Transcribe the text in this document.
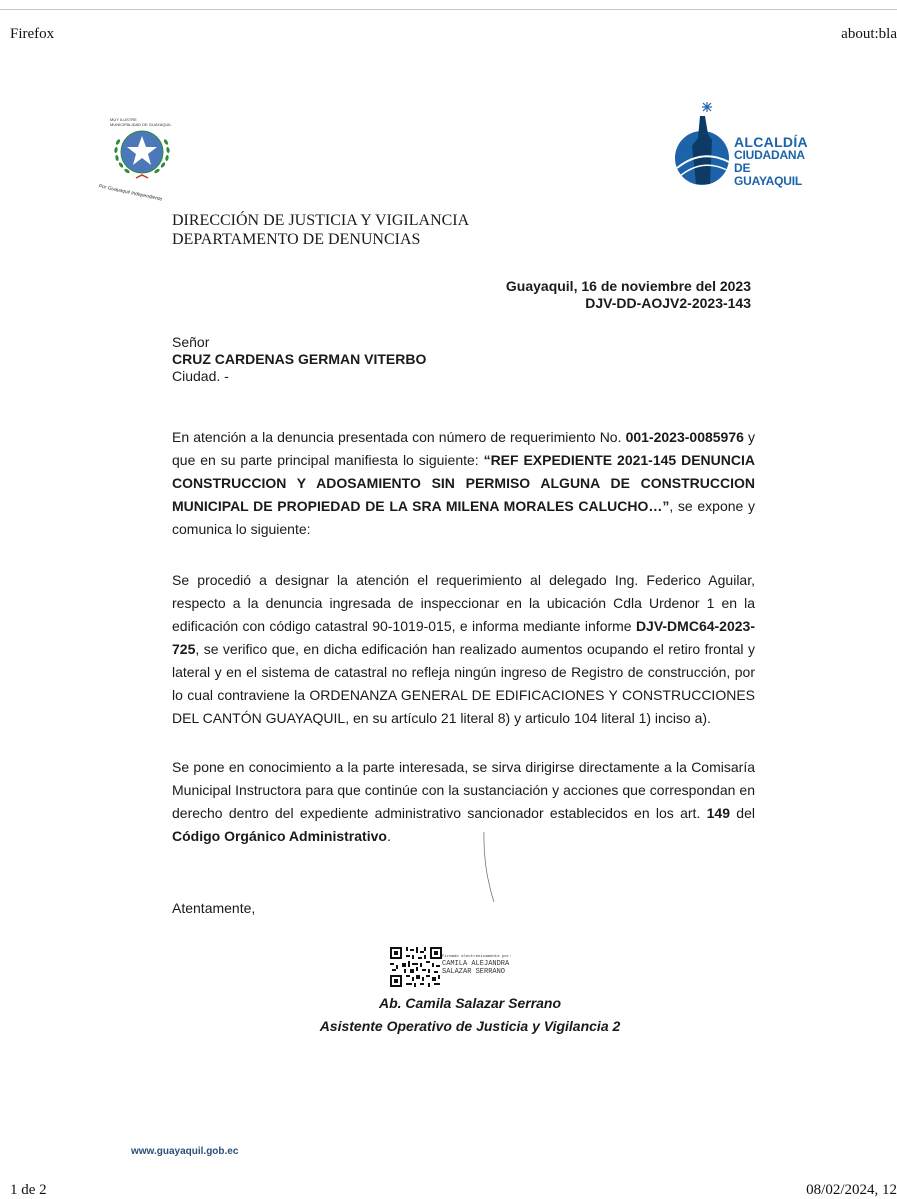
Firefox	about:bla
MUY ILUSTRE
MUNICIPALIDAD DE GUAYAQUIL
Por Guayaquil Independiente
ALCALDÍA
CIUDADANA
DE GUAYAQUIL
DIRECCIÓN DE JUSTICIA Y VIGILANCIA
DEPARTAMENTO DE DENUNCIAS
Guayaquil, 16 de noviembre del 2023
DJV-DD-AOJV2-2023-143
Señor
CRUZ CARDENAS GERMAN VITERBO
Ciudad. -
En atención a la denuncia presentada con número de requerimiento No. 001-2023-0085976 y que en su parte principal manifiesta lo siguiente: “REF EXPEDIENTE 2021-145 DENUNCIA CONSTRUCCION Y ADOSAMIENTO SIN PERMISO ALGUNA DE CONSTRUCCION MUNICIPAL DE PROPIEDAD DE LA SRA MILENA MORALES CALUCHO…”, se expone y comunica lo siguiente:
Se procedió a designar la atención el requerimiento al delegado Ing. Federico Aguilar, respecto a la denuncia ingresada de inspeccionar en la ubicación Cdla Urdenor 1 en la edificación con código catastral 90-1019-015, e informa mediante informe DJV-DMC64-2023-725, se verifico que, en dicha edificación han realizado aumentos ocupando el retiro frontal y lateral y en el sistema de catastral no refleja ningún ingreso de Registro de construcción, por lo cual contraviene la ORDENANZA GENERAL DE EDIFICACIONES Y CONSTRUCCIONES DEL CANTÓN GUAYAQUIL, en su artículo 21 literal 8) y articulo 104 literal 1) inciso a).
Se pone en conocimiento a la parte interesada, se sirva dirigirse directamente a la Comisaría Municipal Instructora para que continúe con la sustanciación y acciones que correspondan en derecho dentro del expediente administrativo sancionador establecidos en los art. 149 del Código Orgánico Administrativo.
Atentamente,
Firmado electrónicamente por:
CAMILA ALEJANDRA
SALAZAR SERRANO
Ab. Camila Salazar Serrano
Asistente Operativo de Justicia y Vigilancia 2
www.guayaquil.gob.ec
1 de 2	08/02/2024, 12
